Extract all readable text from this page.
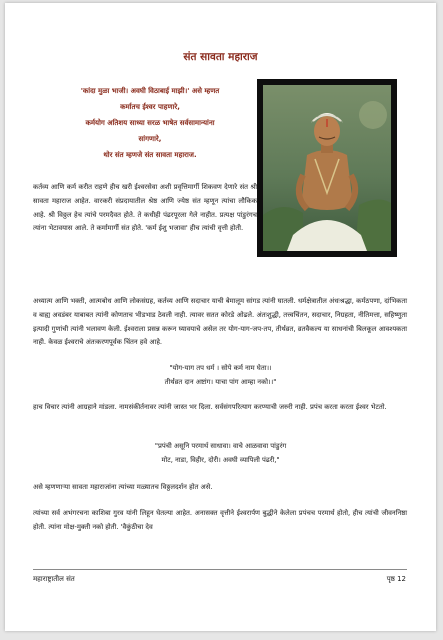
संत सावता महाराज
'कांदा मुळा भाजी। अवघी विठाबाई माझी।' असे म्हणत
कर्मातच ईश्वर पाहणारे,
कर्मयोग अतिशय साध्या सरळ भाषेत सर्वसामान्यांना
सांगणारे,
थोर संत म्हणजे संत सावता महाराज.
कर्तव्य आणि कर्म करीत राहणे हीच खरी ईश्वरसेवा अशी प्रवृत्तिमार्गी शिकवण देणारे संत श्री सावता महाराज आहेत. वारकरी संप्रदायातील श्रेष्ठ आणि ज्येष्ठ संत म्हणून त्यांचा लौकिक आहे. श्री विठ्ठल हेच त्यांचे परमदैवत होते. ते कधीही पंढरपूरला गेले नाहीत. प्रत्यक्ष पांडुरंगच त्यांना भेटावयास आले. ते कर्मामार्गी संत होते. 'कर्म ईशु भजावा' हीच त्यांची वृत्ती होती.
अध्यात्म आणि भक्ती, आत्मबोध आणि लोकसंग्रह, कर्तव्य आणि सदाचार याची बेमालूम सांगड त्यांनी घातली. धर्मक्षेत्रातील अंधःश्रद्धा, कर्मठपणा, दांभिकता व बाह्य अवडंबर याबाबत त्यांनी कोणताच भीडभाड ठेवली नाही. त्यावर सतत कोरडे ओढले. अंतःशुद्धी, तत्त्वचिंतन, सदाचार, निग्रहता, नीतिमत्ता, सहिष्णुता इत्यादी गुणांची त्यांनी भलावण केली. ईश्वराला प्रसन्न करून घ्यावयाचे असेल तर योग-याग-जप-तप, तीर्थव्रत, व्रतवैकल्य या साधनांची बिलकूल आवश्यकता नाही. केवळ ईश्वराचे अंतःकरणपूर्वक चिंतन हवे आहे.
"योग-याग तप धर्म । सोपे कर्म नाम घेता।।
तीर्थव्रत दान अष्टांग। याचा पांग आम्हा नको।।"
हाच विचार त्यांनी आग्रहाने मांडला. नामसंकीर्तनावर त्यांनी जास्त भर दिला. सर्वसंगपरित्याग करण्याची जरुरी नाही. प्रपंच करता करता ईश्वर भेटतो.
"प्रपंची असूनि परमार्थ साधावा। वाचे आळवावा पांडुरंग
मोट, नाडा, विहीर, दोरी। अवघी व्यापिली पंढरी,"
असे म्हणणाऱ्या सावता महाराजांना त्यांच्या मळ्यातच विठ्ठलदर्शन होत असे.
त्यांच्या सर्व अभंगरचना काशिबा गुरव यांनी लिहून घेतल्या आहेत. अनासक्त वृत्तीने ईश्वरार्पण बुद्धीने केलेला प्रपंचच परमार्थ होतो, हीच त्यांची जीवननिष्ठा होती. त्यांना मोक्ष-मुक्ती नको होती. 'वैकुंठीचा देव
महाराष्ट्रातील संत	पृष्ठ 12
